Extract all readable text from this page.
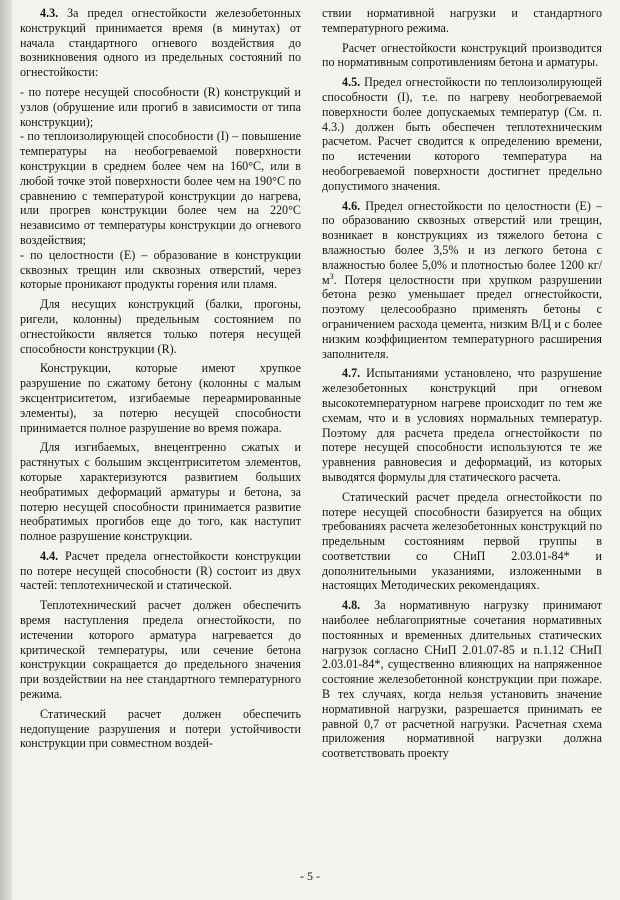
4.3. За предел огнестойкости железобетонных конструкций принимается время (в минутах) от начала стандартного огневого воздействия до возникновения одного из предельных состояний по огнестойкости:

- по потере несущей способности (R) конструкций и узлов (обрушение или прогиб в зависимости от типа конструкции);

- по теплоизолирующей способности (I) – повышение температуры на необогреваемой поверхности конструкции в среднем более чем на 160°С, или в любой точке этой поверхности более чем на 190°С по сравнению с температурой конструкции до нагрева, или прогрев конструкции более чем на 220°С независимо от температуры конструкции до огневого воздействия;

- по целостности (Е) – образование в конструкции сквозных трещин или сквозных отверстий, через которые проникают продукты горения или пламя.

Для несущих конструкций (балки, прогоны, ригели, колонны) предельным состоянием по огнестойкости является только потеря несущей способности конструкции (R).

Конструкции, которые имеют хрупкое разрушение по сжатому бетону (колонны с малым эксцентриситетом, изгибаемые переармированные элементы), за потерю несущей способности принимается полное разрушение во время пожара.

Для изгибаемых, внецентренно сжатых и растянутых с большим эксцентриситетом элементов, которые характеризуются развитием больших необратимых деформаций арматуры и бетона, за потерю несущей способности принимается развитие необратимых прогибов еще до того, как наступит полное разрушение конструкции.

4.4. Расчет предела огнестойкости конструкции по потере несущей способности (R) состоит из двух частей: теплотехнической и статической.

Теплотехнический расчет должен обеспечить время наступления предела огнестойкости, по истечении которого арматура нагревается до критической температуры, или сечение бетона конструкции сокращается до предельного значения при воздействии на нее стандартного температурного режима.

Статический расчет должен обеспечить недопущение разрушения и потери устойчивости конструкции при совместном воздей-

ствии нормативной нагрузки и стандартного температурного режима.

Расчет огнестойкости конструкций производится по нормативным сопротивлениям бетона и арматуры.

4.5. Предел огнестойкости по теплоизолирующей способности (I), т.е. по нагреву необогреваемой поверхности более допускаемых температур (См. п. 4.3.) должен быть обеспечен теплотехническим расчетом. Расчет сводится к определению времени, по истечении которого температура на необогреваемой поверхности достигнет предельно допустимого значения.

4.6. Предел огнестойкости по целостности (Е) – по образованию сквозных отверстий или трещин, возникает в конструкциях из тяжелого бетона с влажностью более 3,5% и из легкого бетона с влажностью более 5,0% и плотностью более 1200 $кг/м^3$. Потеря целостности при хрупком разрушении бетона резко уменьшает предел огнестойкости, поэтому целесообразно применять бетоны с ограничением расхода цемента, низким В/Ц и с более низким коэффициентом температурного расширения заполнителя.

4.7. Испытаниями установлено, что разрушение железобетонных конструкций при огневом высокотемпературном нагреве происходит по тем же схемам, что и в условиях нормальных температур. Поэтому для расчета предела огнестойкости по потере несущей способности используются те же уравнения равновесия и деформаций, из которых выводятся формулы для статического расчета.

Статический расчет предела огнестойкости по потере несущей способности базируется на общих требованиях расчета железобетонных конструкций по предельным состояниям первой группы в соответствии со СНиП 2.03.01-84* и дополнительными указаниями, изложенными в настоящих Методических рекомендациях.

4.8. За нормативную нагрузку принимают наиболее неблагоприятные сочетания нормативных постоянных и временных длительных статических нагрузок согласно СНиП 2.01.07-85 и п.1.12 СНиП 2.03.01-84*, существенно влияющих на напряженное состояние железобетонной конструкции при пожаре. В тех случаях, когда нельзя установить значение нормативной нагрузки, разрешается принимать ее равной 0,7 от расчетной нагрузки. Расчетная схема приложения нормативной нагрузки должна соответствовать проекту

- 5 -
